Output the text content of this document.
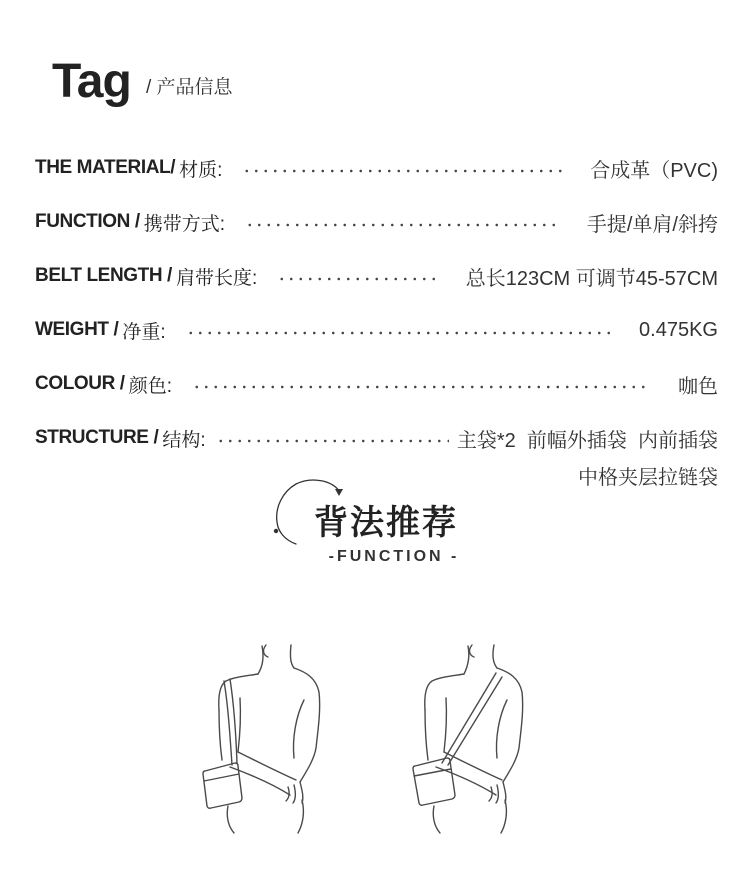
Tag / 产品信息
THE MATERIAL/ 材质:	合成革（PVC)
FUNCTION / 携带方式:	手提/单肩/斜挎
BELT LENGTH / 肩带长度:	总长123CM 可调节45-57CM
WEIGHT / 净重:	0.475KG
COLOUR / 颜色:	咖色
STRUCTURE / 结构:	主袋*2  前幅外插袋  内前插袋
中格夹层拉链袋
背法推荐
-FUNCTION -
